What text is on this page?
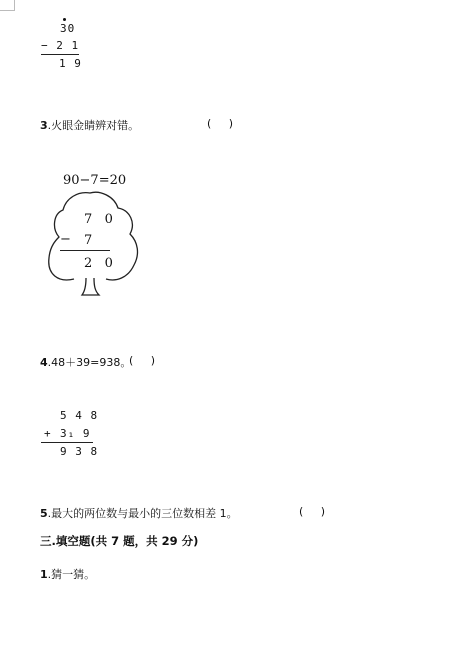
30
− 2 1
1 9
3.火眼金睛辨对错。	(     )
90−7=20
7   0
− 7
2   0
4.48＋39=938。
(     )
5 4 8
+ 3₁ 9
9 3 8
5.最大的两位数与最小的三位数相差 1。	(     )
三.填空题(共 7 题，共 29 分)
1.猜一猜。
